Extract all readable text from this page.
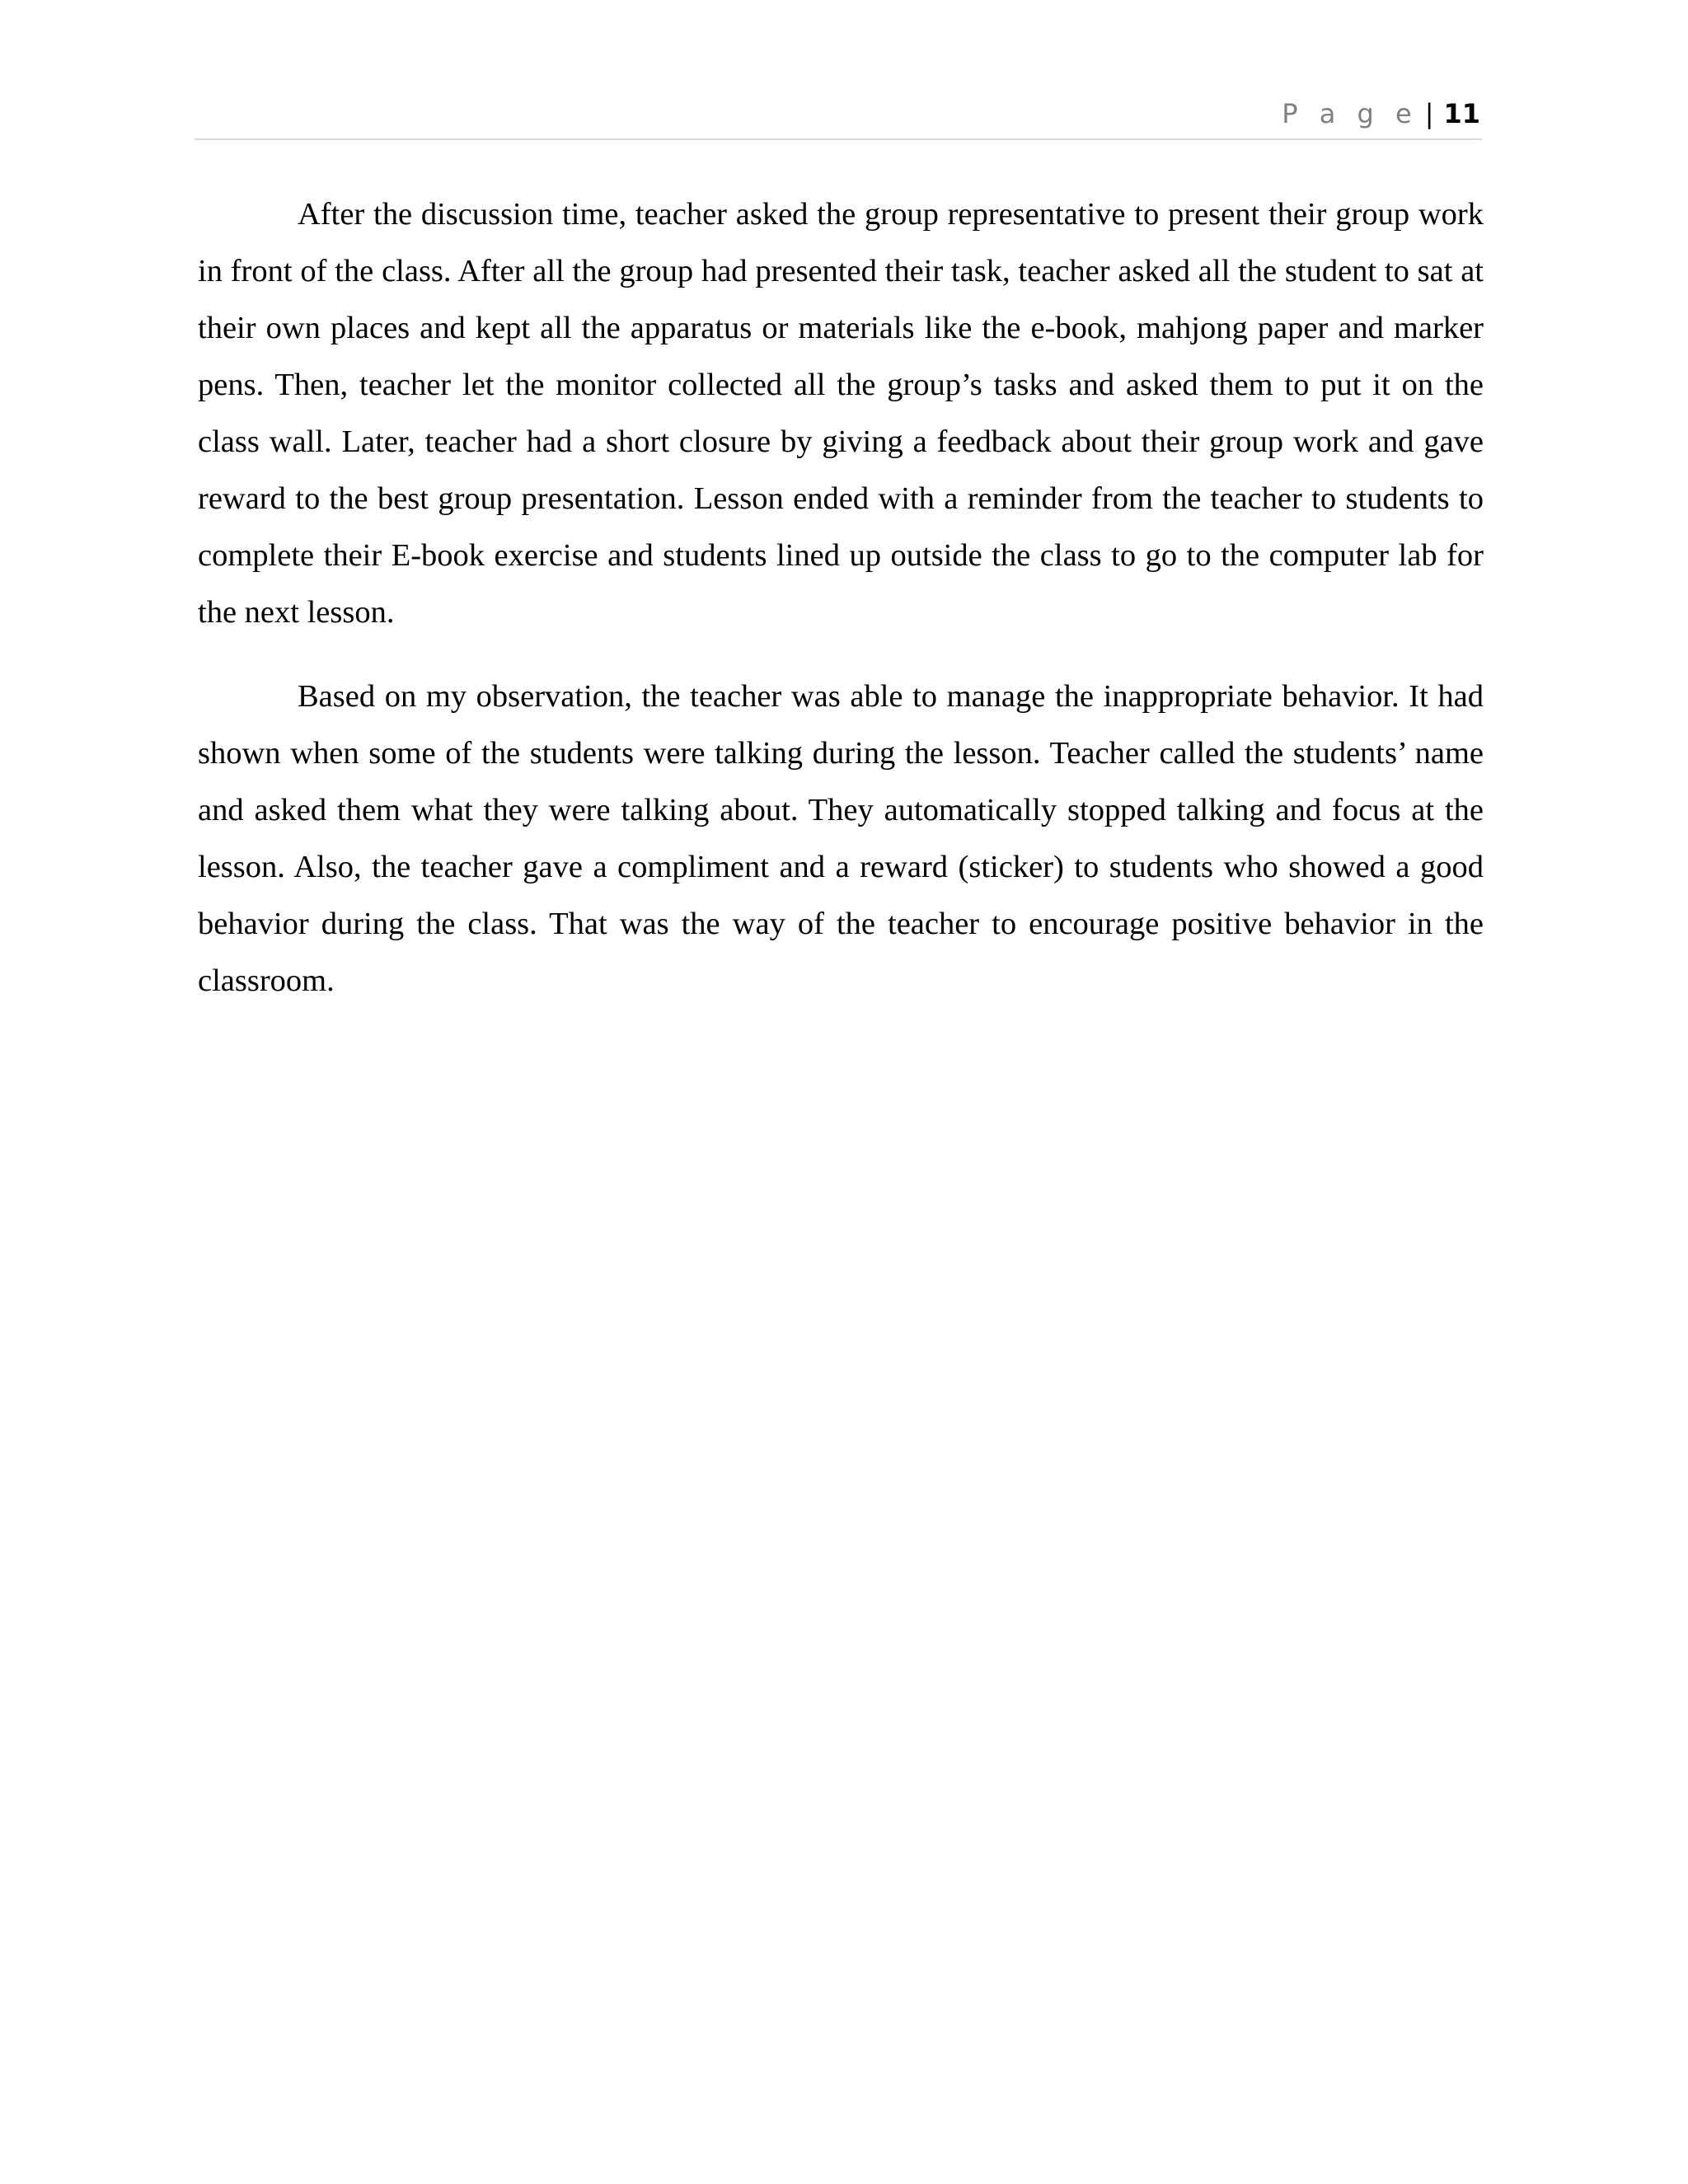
P a g e | 11

After the discussion time, teacher asked the group representative to present their group work in front of the class. After all the group had presented their task, teacher asked all the student to sat at their own places and kept all the apparatus or materials like the e-book, mahjong paper and marker pens. Then, teacher let the monitor collected all the group’s tasks and asked them to put it on the class wall. Later, teacher had a short closure by giving a feedback about their group work and gave reward to the best group presentation. Lesson ended with a reminder from the teacher to students to complete their E-book exercise and students lined up outside the class to go to the computer lab for the next lesson.

Based on my observation, the teacher was able to manage the inappropriate behavior. It had shown when some of the students were talking during the lesson. Teacher called the students’ name and asked them what they were talking about. They automatically stopped talking and focus at the lesson. Also, the teacher gave a compliment and a reward (sticker) to students who showed a good behavior during the class. That was the way of the teacher to encourage positive behavior in the classroom.
